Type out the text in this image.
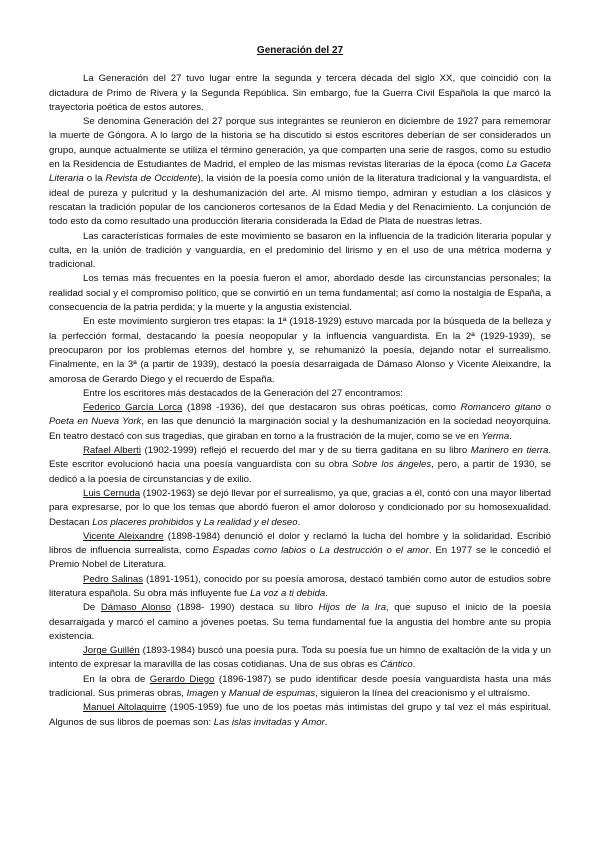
Generación del 27

La Generación del 27 tuvo lugar entre la segunda y tercera década del siglo XX, que coincidió con la dictadura de Primo de Rivera y la Segunda República. Sin embargo, fue la Guerra Civil Española la que marcó la trayectoria poética de estos autores.

Se denomina Generación del 27 porque sus integrantes se reunieron en diciembre de 1927 para rememorar la muerte de Góngora. A lo largo de la historia se ha discutido si estos escritores deberían de ser considerados un grupo, aunque actualmente se utiliza el término generación, ya que comparten una serie de rasgos, como su estudio en la Residencia de Estudiantes de Madrid, el empleo de las mismas revistas literarias de la época (como La Gaceta Literaria o la Revista de Occidente), la visión de la poesía como unión de la literatura tradicional y la vanguardista, el ideal de pureza y pulcritud y la deshumanización del arte. Al mismo tiempo, admiran y estudian a los clásicos y rescatan la tradición popular de los cancioneros cortesanos de la Edad Media y del Renacimiento. La conjunción de todo esto da como resultado una producción literaria considerada la Edad de Plata de nuestras letras.

Las características formales de este movimiento se basaron en la influencia de la tradición literaria popular y culta, en la unión de tradición y vanguardia, en el predominio del lirismo y en el uso de una métrica moderna y tradicional.

Los temas más frecuentes en la poesía fueron el amor, abordado desde las circunstancias personales; la realidad social y el compromiso político, que se convirtió en un tema fundamental; así como la nostalgia de España, a consecuencia de la patria perdida; y la muerte y la angustia existencial.

En este movimiento surgieron tres etapas: la 1ª (1918-1929) estuvo marcada por la búsqueda de la belleza y la perfección formal, destacando la poesía neopopular y la influencia vanguardista. En la 2ª (1929-1939), se preocuparon por los problemas eternos del hombre y, se rehumanizó la poesía, dejando notar el surrealismo. Finalmente, en la 3ª (a partir de 1939), destacó la poesía desarraigada de Dámaso Alonso y Vicente Aleixandre, la amorosa de Gerardo Diego y el recuerdo de España.

Entre los escritores más destacados de la Generación del 27 encontramos:

Federico García Lorca (1898 -1936), del que destacaron sus obras poéticas, como Romancero gitano o Poeta en Nueva York, en las que denunció la marginación social y la deshumanización en la sociedad neoyorquina. En teatro destacó con sus tragedias, que giraban en torno a la frustración de la mujer, como se ve en Yerma.

Rafael Alberti (1902-1999) reflejó el recuerdo del mar y de su tierra gaditana en su libro Marinero en tierra. Este escritor evolucionó hacia una poesía vanguardista con su obra Sobre los ángeles, pero, a partir de 1930, se dedicó a la poesía de circunstancias y de exilio.

Luis Cernuda (1902-1963) se dejó llevar por el surrealismo, ya que, gracias a él, contó con una mayor libertad para expresarse, por lo que los temas que abordó fueron el amor doloroso y condicionado por su homosexualidad. Destacan Los placeres prohibidos y La realidad y el deseo.

Vicente Aleixandre (1898-1984) denunció el dolor y reclamó la lucha del hombre y la solidaridad. Escribió libros de influencia surrealista, como Espadas como labios o La destrucción o el amor. En 1977 se le concedió el Premio Nobel de Literatura.

Pedro Salinas (1891-1951), conocido por su poesía amorosa, destacó también como autor de estudios sobre literatura española. Su obra más influyente fue La voz a ti debida.

De Dámaso Alonso (1898- 1990) destaca su libro Hijos de la Ira, que supuso el inicio de la poesía desarraigada y marcó el camino a jóvenes poetas. Su tema fundamental fue la angustia del hombre ante su propia existencia.

Jorge Guillén (1893-1984) buscó una poesía pura. Toda su poesía fue un himno de exaltación de la vida y un intento de expresar la maravilla de las cosas cotidianas. Una de sus obras es Cántico.

En la obra de Gerardo Diego (1896-1987) se pudo identificar desde poesía vanguardista hasta una más tradicional. Sus primeras obras, Imagen y Manual de espumas, siguieron la línea del creacionismo y el ultraísmo.

Manuel Altolaguirre (1905-1959) fue uno de los poetas más intimistas del grupo y tal vez el más espiritual. Algunos de sus libros de poemas son: Las islas invitadas y Amor.
